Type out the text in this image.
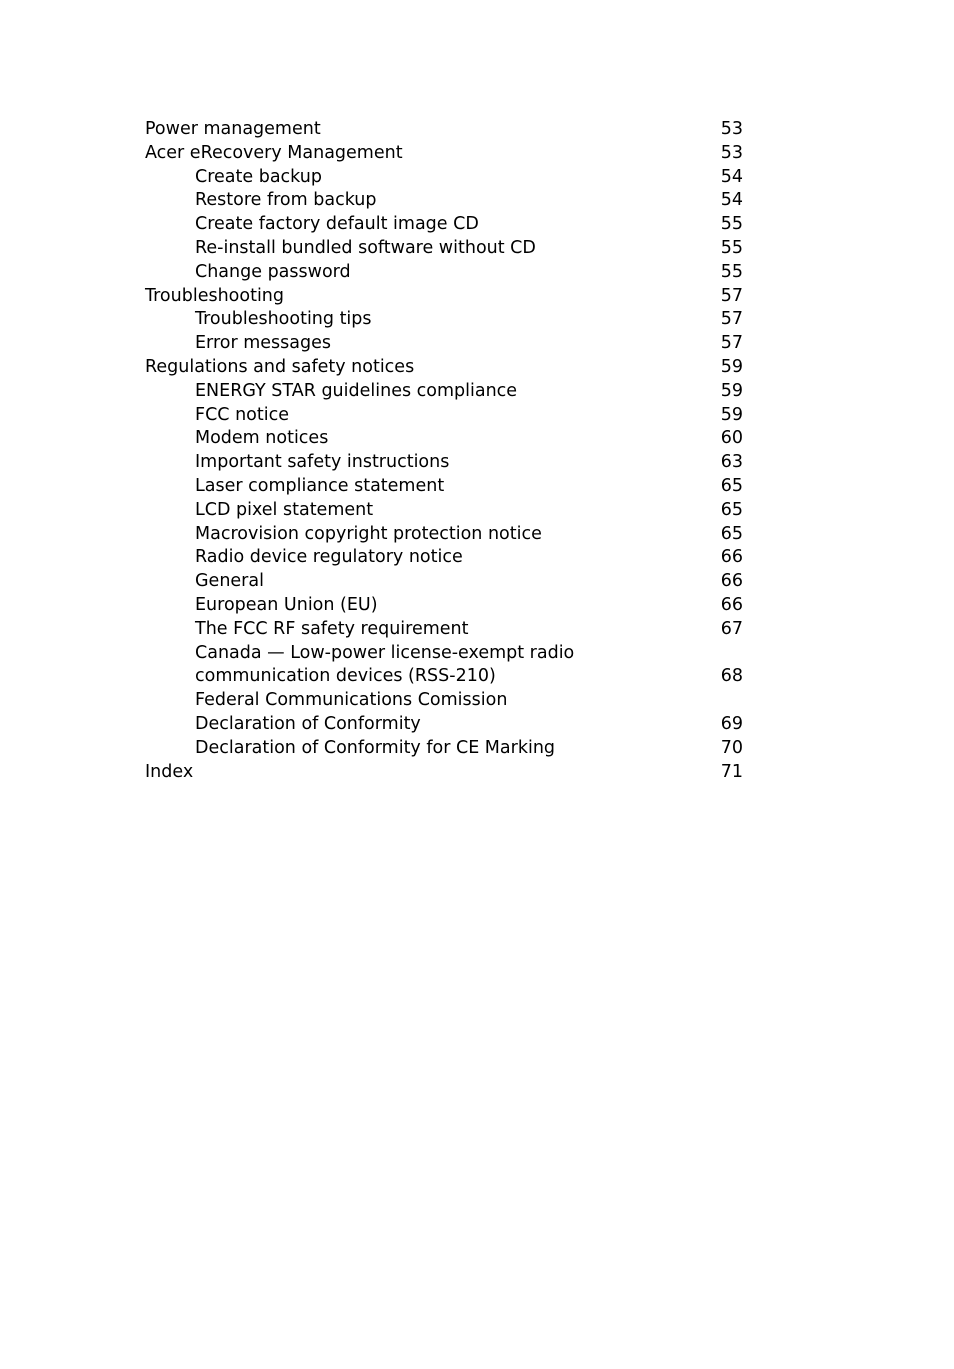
Power management	53
Acer eRecovery Management	53
Create backup	54
Restore from backup	54
Create factory default image CD	55
Re-install bundled software without CD	55
Change password	55
Troubleshooting	57
Troubleshooting tips	57
Error messages	57
Regulations and safety notices	59
ENERGY STAR guidelines compliance	59
FCC notice	59
Modem notices	60
Important safety instructions	63
Laser compliance statement	65
LCD pixel statement	65
Macrovision copyright protection notice	65
Radio device regulatory notice	66
General	66
European Union (EU)	66
The FCC RF safety requirement	67
Canada — Low-power license-exempt radio
communication devices (RSS-210)	68
Federal Communications Comission
Declaration of Conformity	69
Declaration of Conformity for CE Marking	70
Index	71
